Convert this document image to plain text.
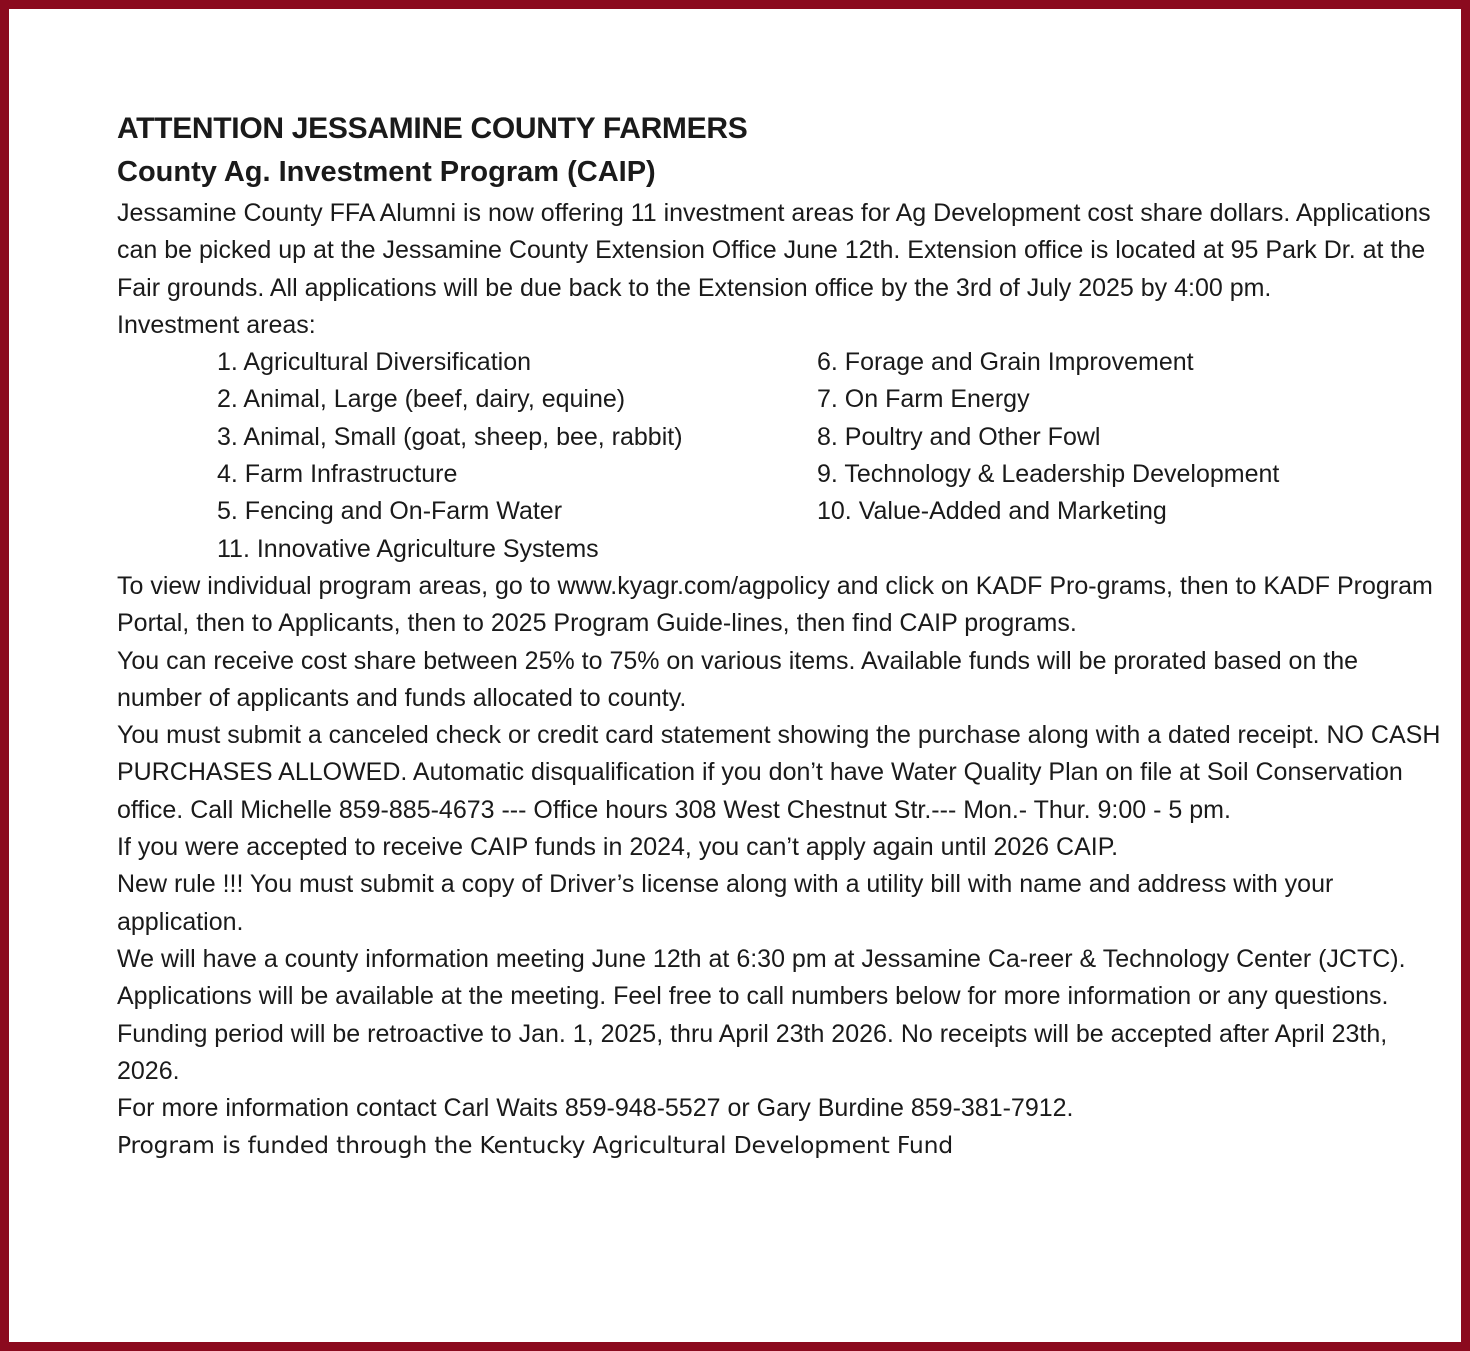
ATTENTION JESSAMINE COUNTY FARMERS
County Ag. Investment Program (CAIP)

Jessamine County FFA Alumni is now offering 11 investment areas for Ag Development cost share dollars. Applications can be picked up at the Jessamine County Extension Office June 12th. Extension office is located at 95 Park Dr. at the Fair grounds. All applications will be due back to the Extension office by the 3rd of July 2025 by 4:00 pm.

Investment areas:

1. Agricultural Diversification
2. Animal, Large (beef, dairy, equine)
3. Animal, Small (goat, sheep, bee, rabbit)
4. Farm Infrastructure
5. Fencing and On-Farm Water
6. Forage and Grain Improvement
7. On Farm Energy
8. Poultry and Other Fowl
9. Technology & Leadership Development
10. Value-Added and Marketing
11. Innovative Agriculture Systems

To view individual program areas, go to www.kyagr.com/agpolicy and click on KADF Pro-grams, then to KADF Program Portal, then to Applicants, then to 2025 Program Guide-lines, then find CAIP programs.

You can receive cost share between 25% to 75% on various items. Available funds will be prorated based on the number of applicants and funds allocated to county.

You must submit a canceled check or credit card statement showing the purchase along with a dated receipt. NO CASH PURCHASES ALLOWED. Automatic disqualification if you don’t have Water Quality Plan on file at Soil Conservation office. Call Michelle 859-885-4673 --- Office hours 308 West Chestnut Str.--- Mon.- Thur. 9:00 - 5 pm.

If you were accepted to receive CAIP funds in 2024, you can’t apply again until 2026 CAIP.

New rule !!! You must submit a copy of Driver’s license along with a utility bill with name and address with your application.

We will have a county information meeting June 12th at 6:30 pm at Jessamine Ca-reer & Technology Center (JCTC). Applications will be available at the meeting. Feel free to call numbers below for more information or any questions.

Funding period will be retroactive to Jan. 1, 2025, thru April 23th 2026. No receipts will be accepted after April 23th, 2026.

For more information contact Carl Waits 859-948-5527 or Gary Burdine 859-381-7912.

Program is funded through the Kentucky Agricultural Development Fund
